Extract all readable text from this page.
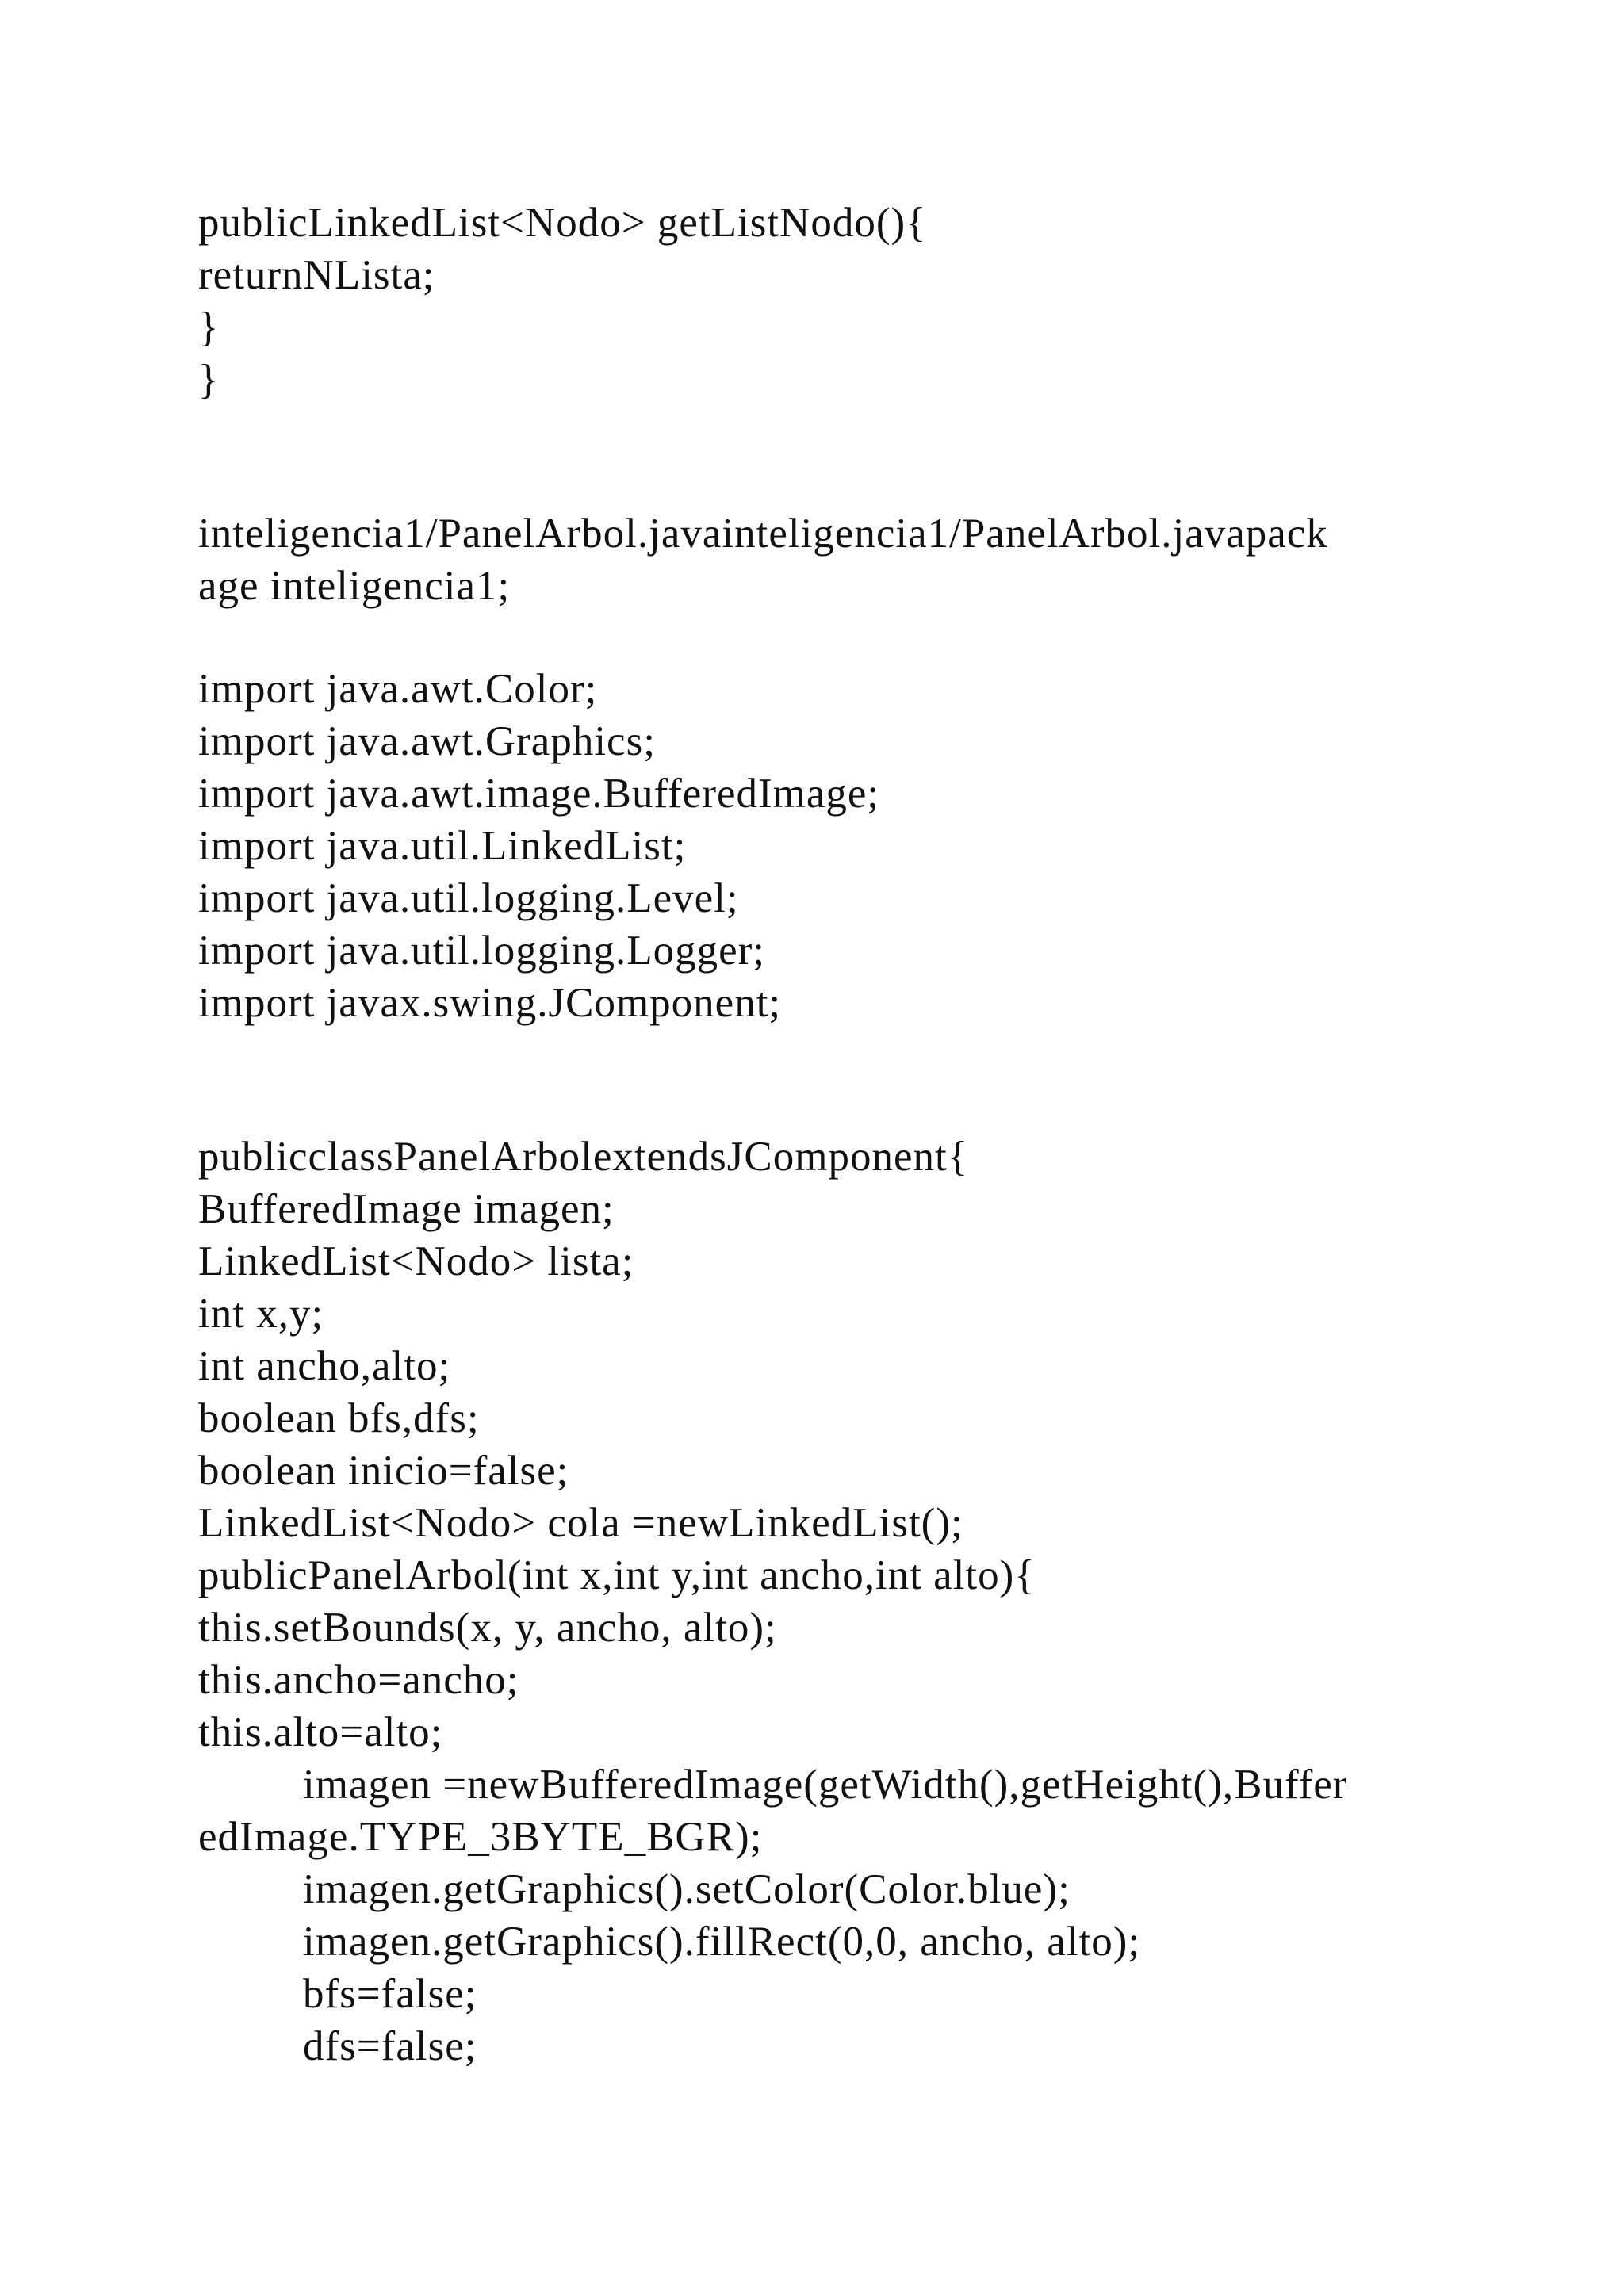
publicLinkedList<Nodo> getListNodo(){

returnNLista;

}

}

inteligencia1/PanelArbol.javainteligencia1/PanelArbol.javapack

age inteligencia1;

import java.awt.Color;

import java.awt.Graphics;

import java.awt.image.BufferedImage;

import java.util.LinkedList;

import java.util.logging.Level;

import java.util.logging.Logger;

import javax.swing.JComponent;

publicclassPanelArbolextendsJComponent{

BufferedImage imagen;

LinkedList<Nodo> lista;

int x,y;

int ancho,alto;

boolean bfs,dfs;

boolean inicio=false;

LinkedList<Nodo> cola =newLinkedList();

publicPanelArbol(int x,int y,int ancho,int alto){

this.setBounds(x, y, ancho, alto);

this.ancho=ancho;

this.alto=alto;

imagen =newBufferedImage(getWidth(),getHeight(),Buffer

edImage.TYPE_3BYTE_BGR);

imagen.getGraphics().setColor(Color.blue);

imagen.getGraphics().fillRect(0,0, ancho, alto);

bfs=false;

dfs=false;
